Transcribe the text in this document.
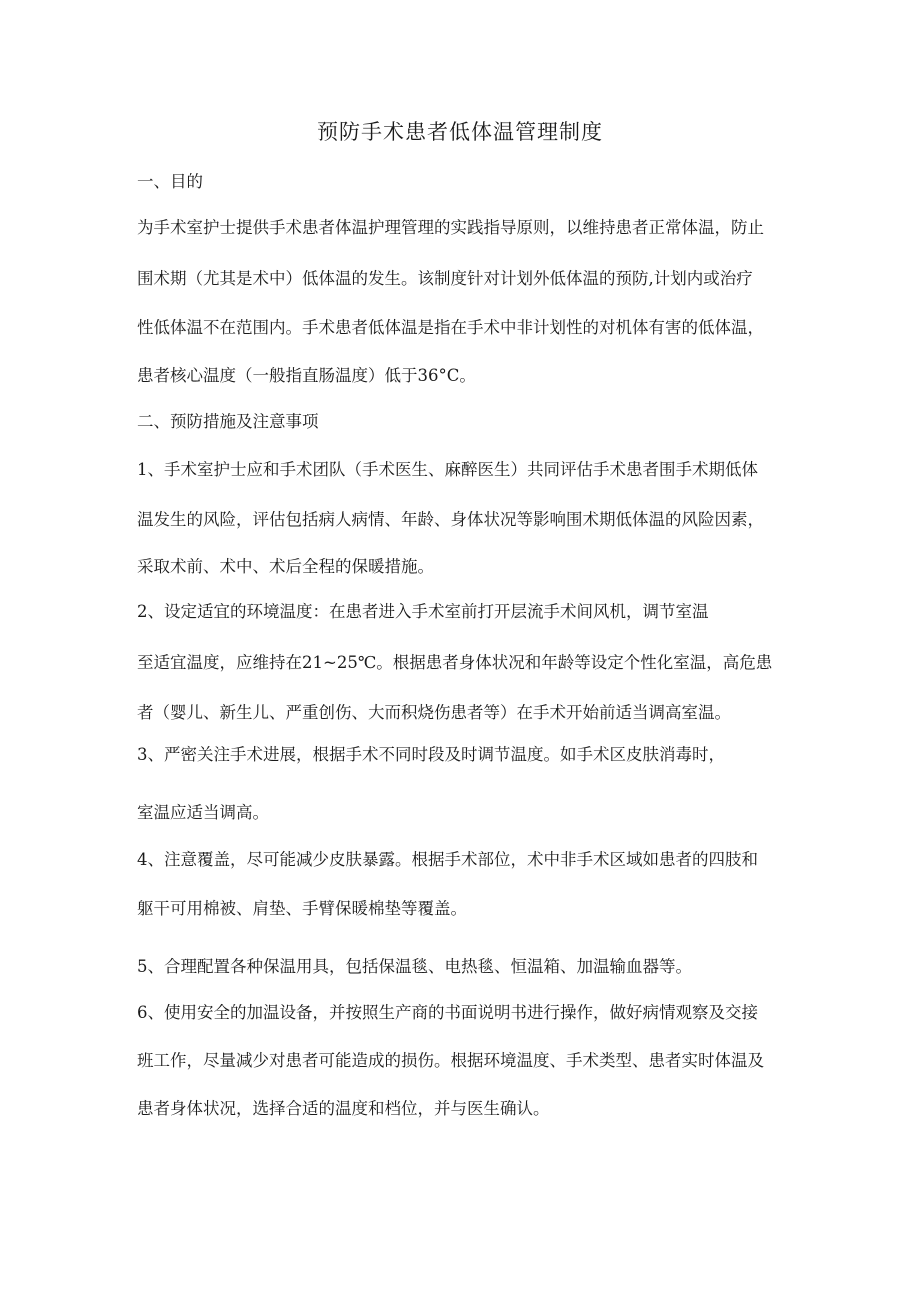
预防手术患者低体温管理制度
一、目的
为手术室护士提供手术患者体温护理管理的实践指导原则，以维持患者正常体温，防止
围术期（尤其是术中）低体温的发生。该制度针对计划外低体温的预防,计划内或治疗
性低体温不在范围内。手术患者低体温是指在手术中非计划性的对机体有害的低体温，
患者核心温度（一般指直肠温度）低于36°C。
二、预防措施及注意事项
1、手术室护士应和手术团队（手术医生、麻醉医生）共同评估手术患者围手术期低体
温发生的风险，评估包括病人病情、年龄、身体状况等影响围术期低体温的风险因素，
采取术前、术中、术后全程的保暖措施。
2、设定适宜的环境温度：在患者进入手术室前打开层流手术间风机，调节室温
至适宜温度，应维持在21~25℃。根据患者身体状况和年龄等设定个性化室温，高危患
者（婴儿、新生儿、严重创伤、大而积烧伤患者等）在手术开始前适当调高室温。
3、严密关注手术进展，根据手术不同时段及时调节温度。如手术区皮肤消毒时，
室温应适当调高。
4、注意覆盖，尽可能减少皮肤暴露。根据手术部位，术中非手术区域如患者的四肢和
躯干可用棉被、肩垫、手臂保暖棉垫等覆盖。
5、合理配置各种保温用具，包括保温毯、电热毯、恒温箱、加温输血器等。
6、使用安全的加温设备，并按照生产商的书面说明书进行操作，做好病情观察及交接
班工作，尽量减少对患者可能造成的损伤。根据环境温度、手术类型、患者实时体温及
患者身体状况，选择合适的温度和档位，并与医生确认。
